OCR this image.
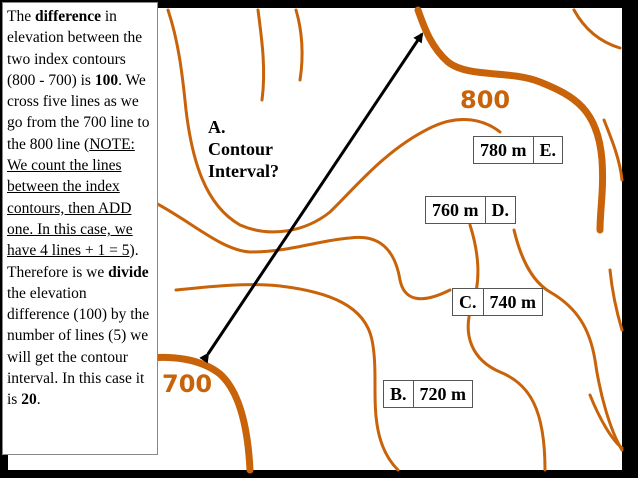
800
700
The difference in elevation between the two index contours (800 - 700) is 100. We cross five lines as we go from the 700 line to the 800 line (NOTE: We count the lines between the index contours, then ADD one. In this case, we have 4 lines + 1 = 5). Therefore is we divide the elevation difference (100) by the number of lines (5) we will get the contour interval. In this case it is 20.
A.
Contour
Interval?
780 m E.
760 m D.
C. 740 m
B. 720 m
